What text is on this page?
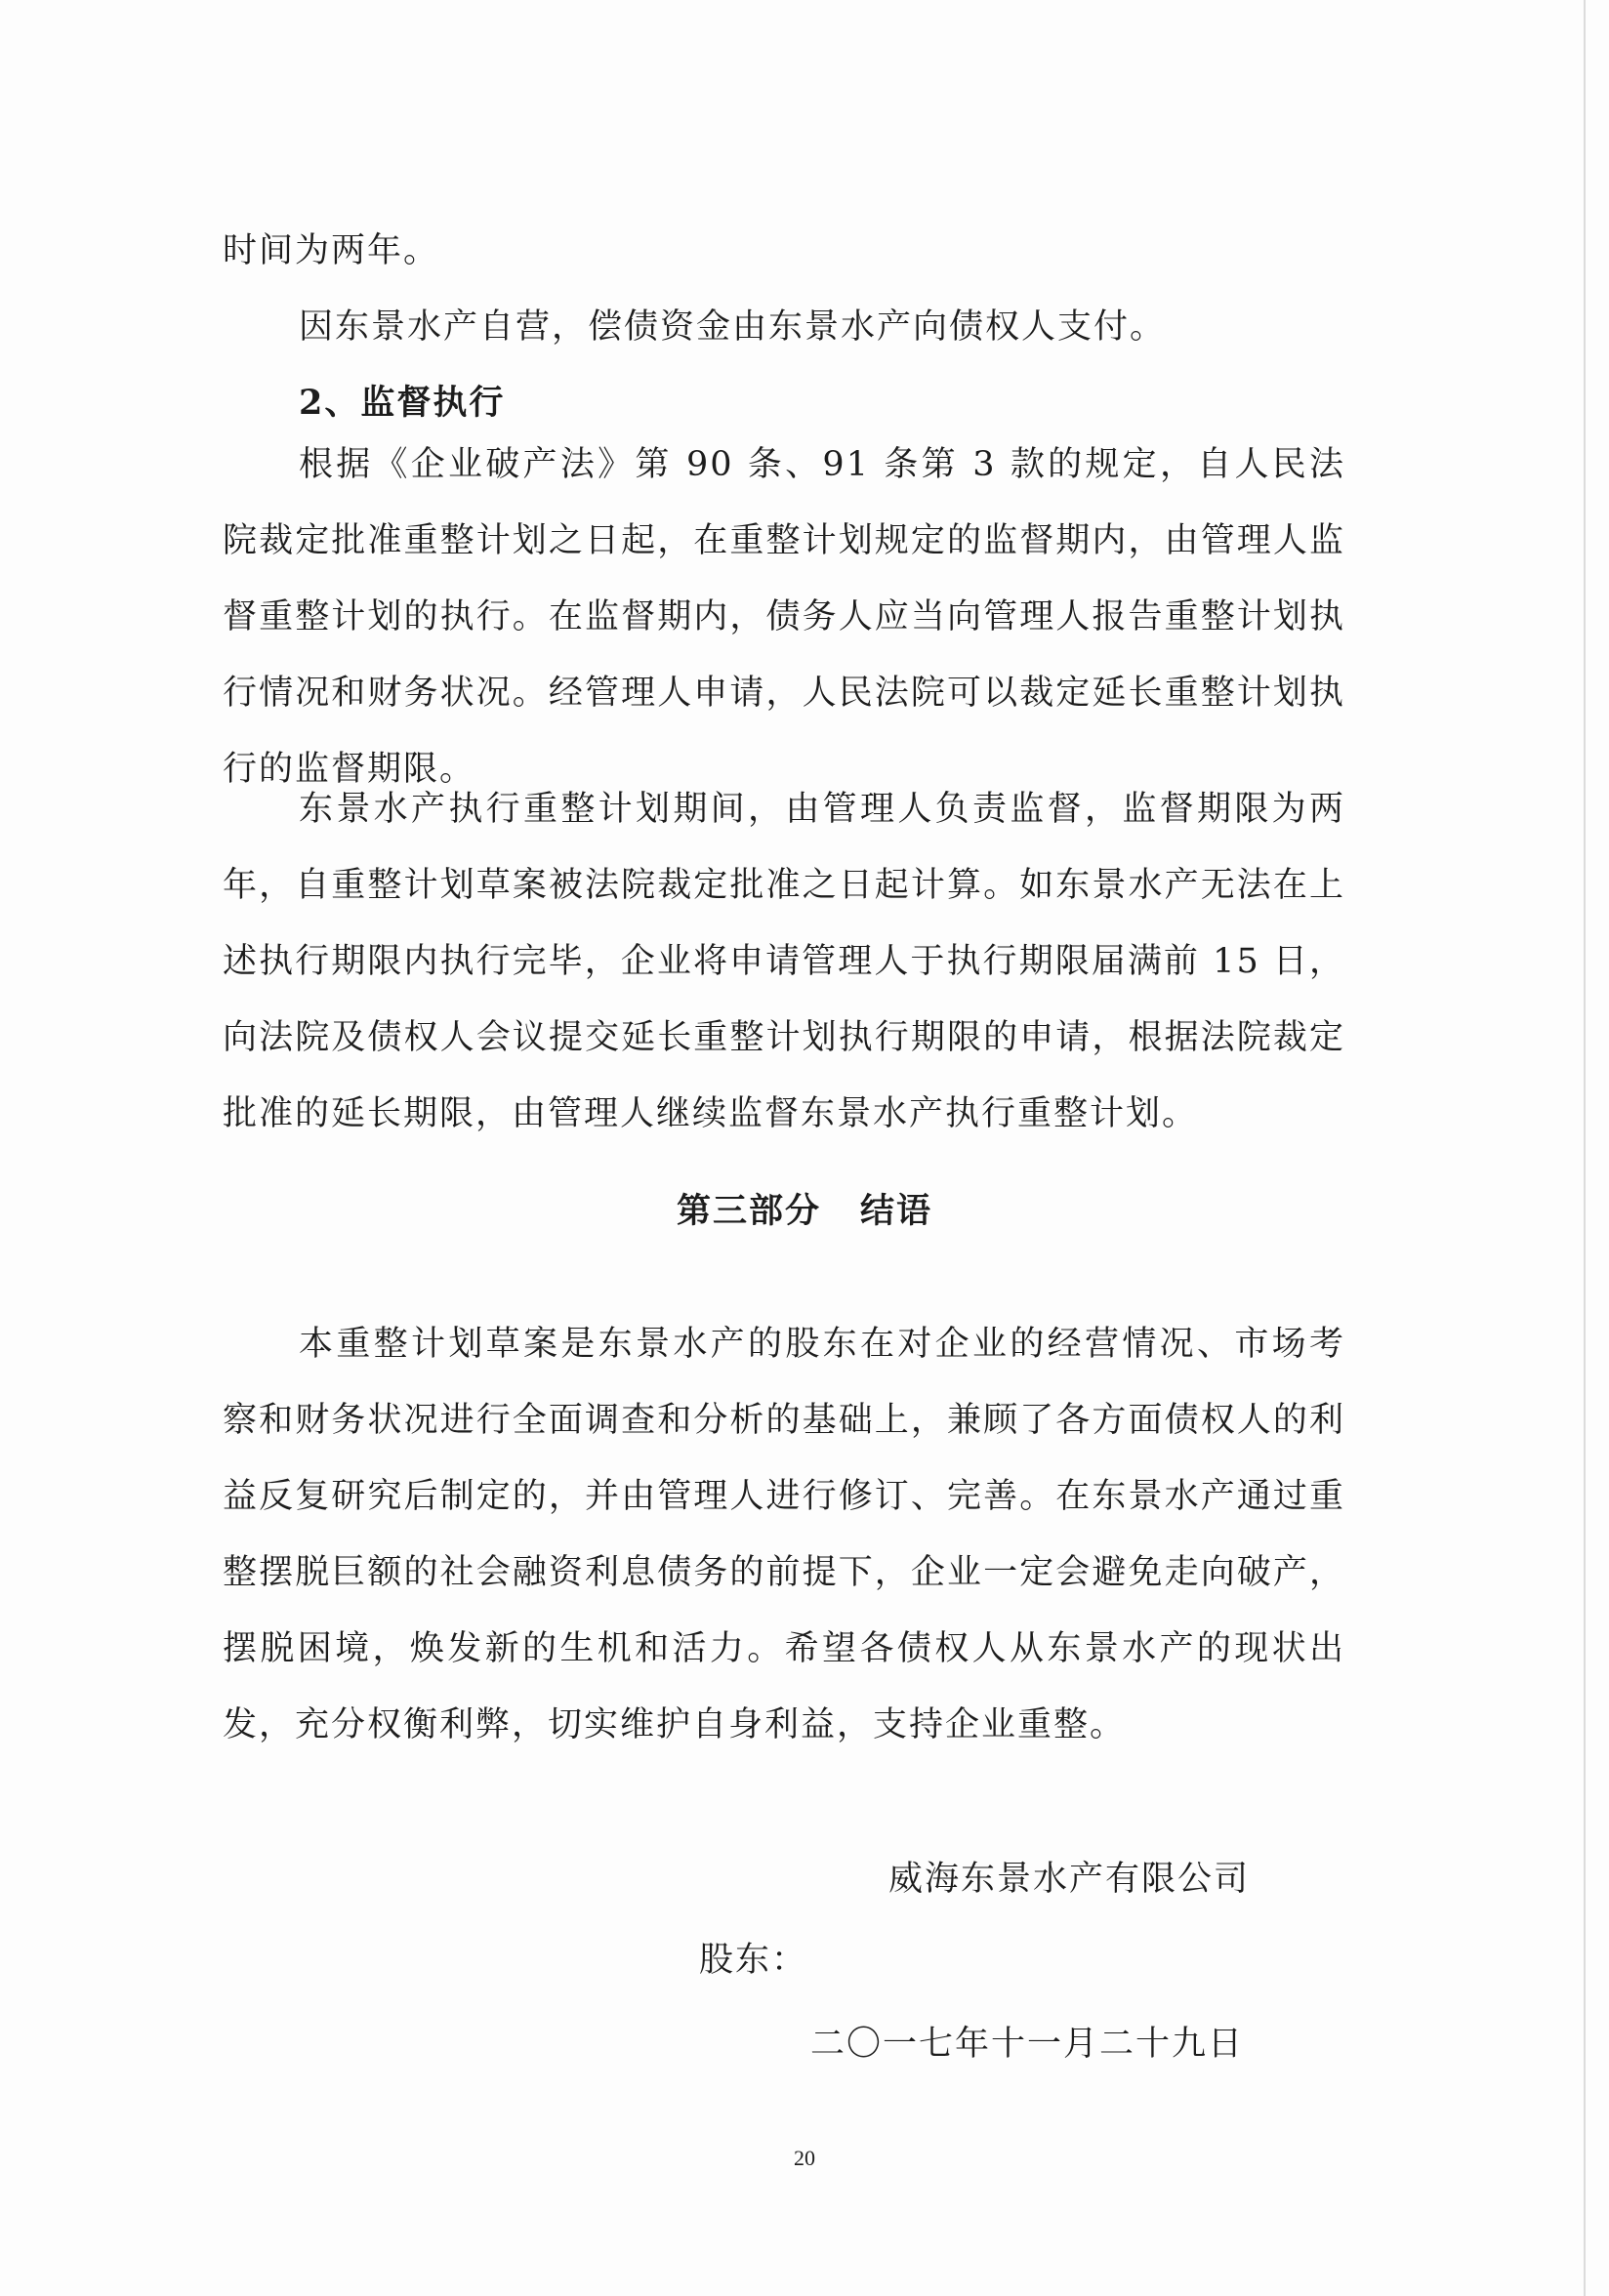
时间为两年。

因东景水产自营，偿债资金由东景水产向债权人支付。

2、监督执行

根据《企业破产法》第 90 条、91 条第 3 款的规定，自人民法院裁定批准重整计划之日起，在重整计划规定的监督期内，由管理人监督重整计划的执行。在监督期内，债务人应当向管理人报告重整计划执行情况和财务状况。经管理人申请，人民法院可以裁定延长重整计划执行的监督期限。

东景水产执行重整计划期间，由管理人负责监督，监督期限为两年，自重整计划草案被法院裁定批准之日起计算。如东景水产无法在上述执行期限内执行完毕，企业将申请管理人于执行期限届满前 15 日，向法院及债权人会议提交延长重整计划执行期限的申请，根据法院裁定批准的延长期限，由管理人继续监督东景水产执行重整计划。

第三部分 结语

本重整计划草案是东景水产的股东在对企业的经营情况、市场考察和财务状况进行全面调查和分析的基础上，兼顾了各方面债权人的利益反复研究后制定的，并由管理人进行修订、完善。在东景水产通过重整摆脱巨额的社会融资利息债务的前提下，企业一定会避免走向破产，摆脱困境，焕发新的生机和活力。希望各债权人从东景水产的现状出发，充分权衡利弊，切实维护自身利益，支持企业重整。

威海东景水产有限公司
股东：
二〇一七年十一月二十九日
20
